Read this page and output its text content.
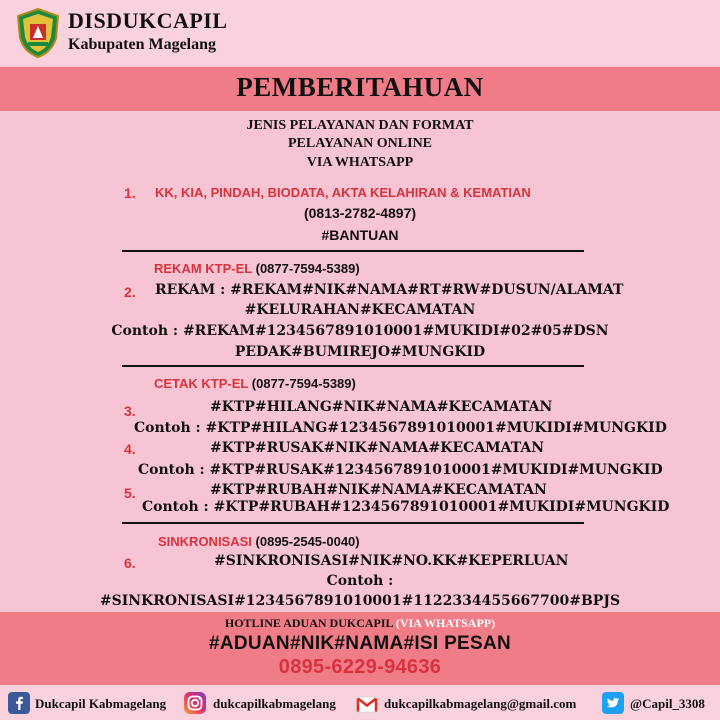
DISDUKCAPIL
Kabupaten Magelang
PEMBERITAHUAN
JENIS PELAYANAN DAN FORMAT
PELAYANAN ONLINE
VIA WHATSAPP
1. KK, KIA, PINDAH, BIODATA, AKTA KELAHIRAN & KEMATIAN
(0813-2782-4897)
#BANTUAN
REKAM KTP-EL (0877-7594-5389)
2. REKAM : #REKAM#NIK#NAMA#RT#RW#DUSUN/ALAMAT
#KELURAHAN#KECAMATAN
Contoh : #REKAM#1234567891010001#MUKIDI#02#05#DSN
PEDAK#BUMIREJO#MUNGKID
CETAK KTP-EL (0877-7594-5389)
3.	#KTP#HILANG#NIK#NAMA#KECAMATAN
Contoh : #KTP#HILANG#1234567891010001#MUKIDI#MUNGKID
4.	#KTP#RUSAK#NIK#NAMA#KECAMATAN
Contoh : #KTP#RUSAK#1234567891010001#MUKIDI#MUNGKID
5.	#KTP#RUBAH#NIK#NAMA#KECAMATAN
Contoh : #KTP#RUBAH#1234567891010001#MUKIDI#MUNGKID
SINKRONISASI (0895-2545-0040)
6.	#SINKRONISASI#NIK#NO.KK#KEPERLUAN
Contoh :
#SINKRONISASI#1234567891010001#1122334455667700#BPJS
HOTLINE ADUAN DUKCAPIL (VIA WHATSAPP)
#ADUAN#NIK#NAMA#ISI PESAN
0895-6229-94636
Dukcapil Kabmagelang	dukcapilkabmagelang	dukcapilkabmagelang@gmail.com	@Capil_3308
